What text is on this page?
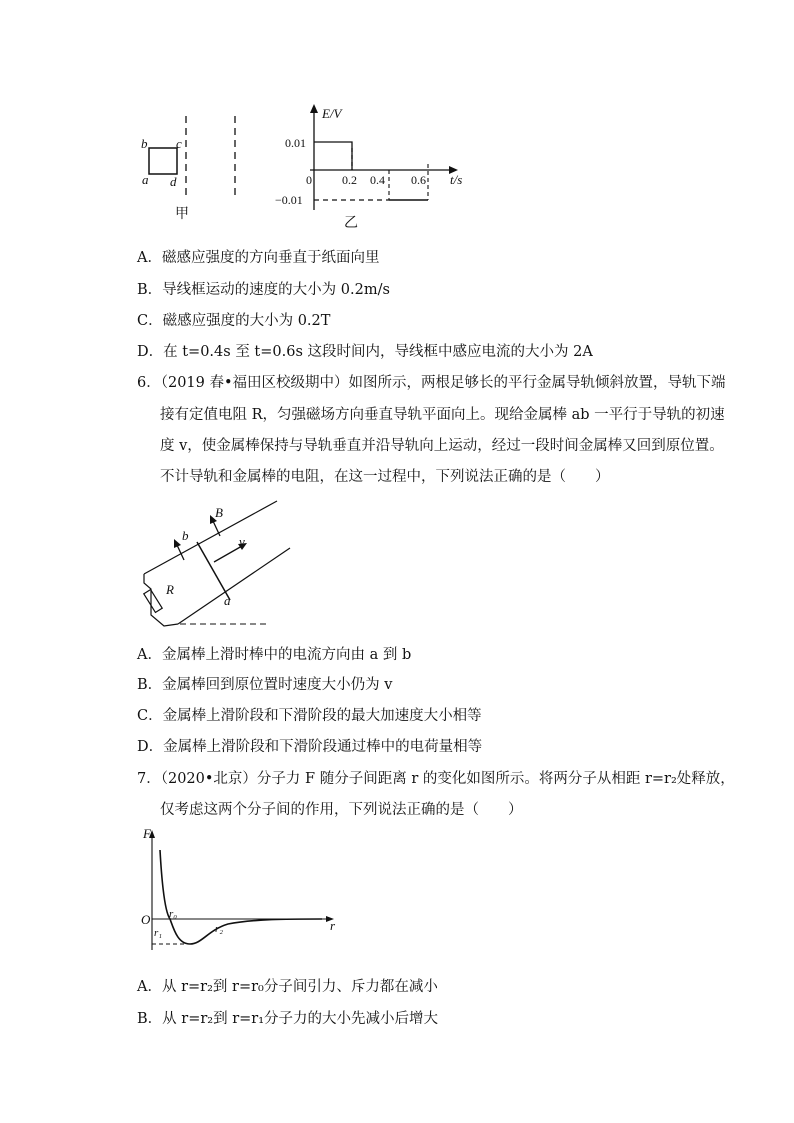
b c
a d
E/V
t/s
0.01
−0.01
0	0.2 0.4 0.6
甲
乙
A．磁感应强度的方向垂直于纸面向里
B．导线框运动的速度的大小为 0.2m/s
C．磁感应强度的大小为 0.2T
D．在 t=0.4s 至 t=0.6s 这段时间内，导线框中感应电流的大小为 2A
6．（2019 春•福田区校级期中）如图所示，两根足够长的平行金属导轨倾斜放置，导轨下端
接有定值电阻 R，匀强磁场方向垂直导轨平面向上。现给金属棒 ab 一平行于导轨的初速
度 v，使金属棒保持与导轨垂直并沿导轨向上运动，经过一段时间金属棒又回到原位置。
不计导轨和金属棒的电阻，在这一过程中，下列说法正确的是（　　）
B
b	v
R
a
A．金属棒上滑时棒中的电流方向由 a 到 b
B．金属棒回到原位置时速度大小仍为 v
C．金属棒上滑阶段和下滑阶段的最大加速度大小相等
D．金属棒上滑阶段和下滑阶段通过棒中的电荷量相等
7．（2020•北京）分子力 F 随分子间距离 r 的变化如图所示。将两分子从相距 r=r₂处释放，
仅考虑这两个分子间的作用，下列说法正确的是（　　）
F
O	r
r₀
r₁	r₂
A．从 r=r₂到 r=r₀分子间引力、斥力都在减小
B．从 r=r₂到 r=r₁分子力的大小先减小后增大
